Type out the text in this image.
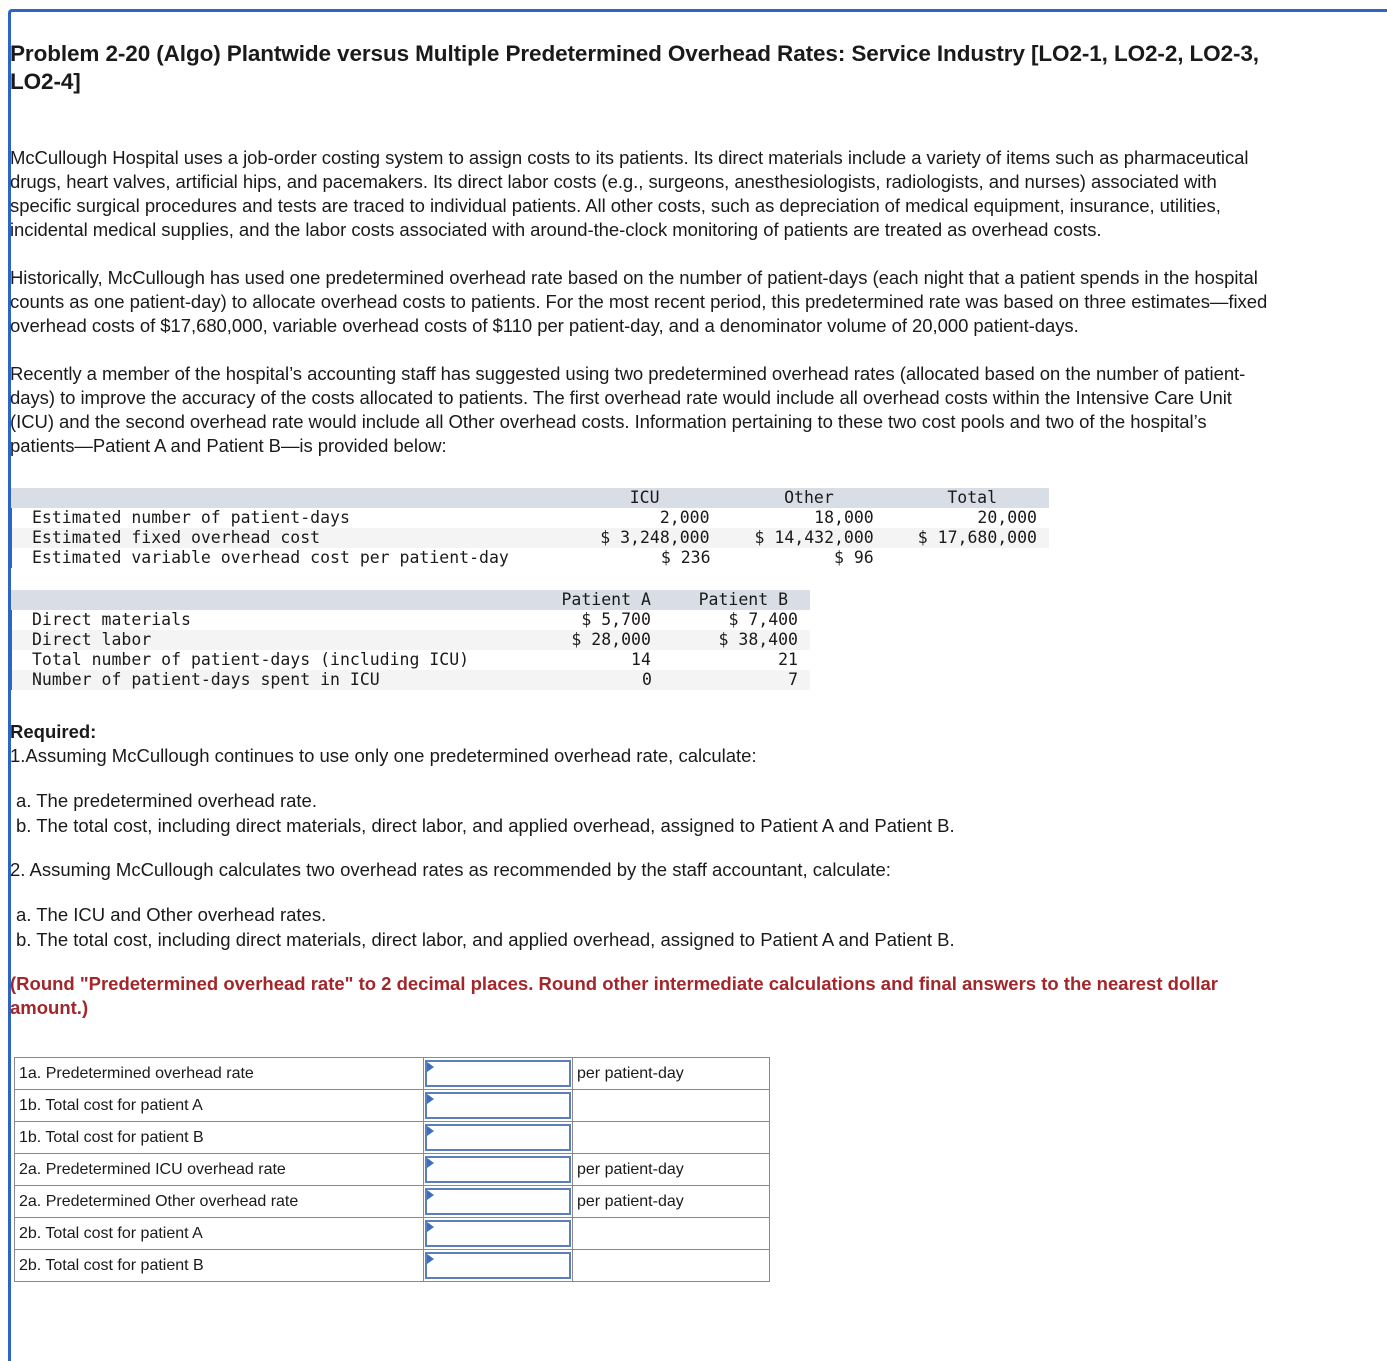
Problem 2-20 (Algo) Plantwide versus Multiple Predetermined Overhead Rates: Service Industry [LO2-1, LO2-2, LO2-3, LO2-4]

McCullough Hospital uses a job-order costing system to assign costs to its patients. Its direct materials include a variety of items such as pharmaceutical drugs, heart valves, artificial hips, and pacemakers. Its direct labor costs (e.g., surgeons, anesthesiologists, radiologists, and nurses) associated with specific surgical procedures and tests are traced to individual patients. All other costs, such as depreciation of medical equipment, insurance, utilities, incidental medical supplies, and the labor costs associated with around-the-clock monitoring of patients are treated as overhead costs.

Historically, McCullough has used one predetermined overhead rate based on the number of patient-days (each night that a patient spends in the hospital counts as one patient-day) to allocate overhead costs to patients. For the most recent period, this predetermined rate was based on three estimates—fixed overhead costs of $17,680,000, variable overhead costs of $110 per patient-day, and a denominator volume of 20,000 patient-days.

Recently a member of the hospital’s accounting staff has suggested using two predetermined overhead rates (allocated based on the number of patient-days) to improve the accuracy of the costs allocated to patients. The first overhead rate would include all overhead costs within the Intensive Care Unit (ICU) and the second overhead rate would include all Other overhead costs. Information pertaining to these two cost pools and two of the hospital’s patients—Patient A and Patient B—is provided below:

	ICU	Other	Total
Estimated number of patient-days	2,000	18,000	20,000
Estimated fixed overhead cost	$ 3,248,000	$ 14,432,000	$ 17,680,000
Estimated variable overhead cost per patient-day	$ 236	$ 96	
	Patient A	Patient B
Direct materials	$ 5,700	$ 7,400
Direct labor	$ 28,000	$ 38,400
Total number of patient-days (including ICU)	14	21
Number of patient-days spent in ICU	0	7
Required:
1.Assuming McCullough continues to use only one predetermined overhead rate, calculate:
a. The predetermined overhead rate.
b. The total cost, including direct materials, direct labor, and applied overhead, assigned to Patient A and Patient B.
2. Assuming McCullough calculates two overhead rates as recommended by the staff accountant, calculate:
a. The ICU and Other overhead rates.
b. The total cost, including direct materials, direct labor, and applied overhead, assigned to Patient A and Patient B.
(Round "Predetermined overhead rate" to 2 decimal places. Round other intermediate calculations and final answers to the nearest dollar amount.)
1a. Predetermined overhead rate		per patient-day
1b. Total cost for patient A	

1b. Total cost for patient B	

2a. Predetermined ICU overhead rate		per patient-day
2a. Predetermined Other overhead rate		per patient-day
2b. Total cost for patient A	

2b. Total cost for patient B	
